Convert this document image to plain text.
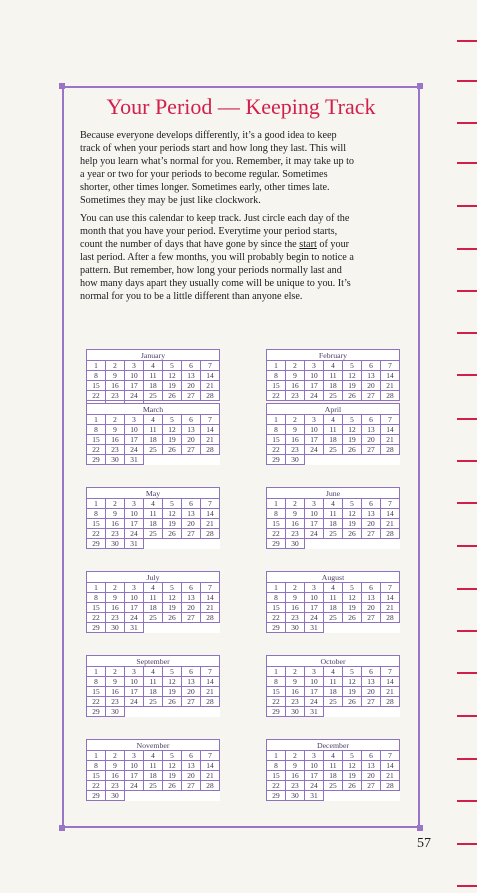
Your Period — Keeping Track

Because everyone develops differently, it’s a good idea to keep
track of when your periods start and how long they last. This will
help you learn what’s normal for you. Remember, it may take up to
a year or two for your periods to become regular. Sometimes
shorter, other times longer. Sometimes early, other times late.
Sometimes they may be just like clockwork.

You can use this calendar to keep track. Just circle each day of the
month that you have your period. Everytime your period starts,
count the number of days that have gone by since the start of your
last period. After a few months, you will probably begin to notice a
pattern. But remember, how long your periods normally last and
how many days apart they usually come will be unique to you. It’s
normal for you to be a little different than anyone else.

January
1	2	3	4	5	6	7
8	9	10	11	12	13	14
15	16	17	18	19	20	21
22	23	24	25	26	27	28

February
1	2	3	4	5	6	7
8	9	10	11	12	13	14
15	16	17	18	19	20	21
22	23	24	25	26	27	28
March
1	2	3	4	5	6	7
8	9	10	11	12	13	14
15	16	17	18	19	20	21
22	23	24	25	26	27	28
29	30	31				
April
1	2	3	4	5	6	7
8	9	10	11	12	13	14
15	16	17	18	19	20	21
22	23	24	25	26	27	28
29	30					
May
1	2	3	4	5	6	7
8	9	10	11	12	13	14
15	16	17	18	19	20	21
22	23	24	25	26	27	28
29	30	31				
June
1	2	3	4	5	6	7
8	9	10	11	12	13	14
15	16	17	18	19	20	21
22	23	24	25	26	27	28
29	30					
July
1	2	3	4	5	6	7
8	9	10	11	12	13	14
15	16	17	18	19	20	21
22	23	24	25	26	27	28
29	30	31				
August
1	2	3	4	5	6	7
8	9	10	11	12	13	14
15	16	17	18	19	20	21
22	23	24	25	26	27	28
29	30	31				
September
1	2	3	4	5	6	7
8	9	10	11	12	13	14
15	16	17	18	19	20	21
22	23	24	25	26	27	28
29	30					
October
1	2	3	4	5	6	7
8	9	10	11	12	13	14
15	16	17	18	19	20	21
22	23	24	25	26	27	28
29	30	31				
November
1	2	3	4	5	6	7
8	9	10	11	12	13	14
15	16	17	18	19	20	21
22	23	24	25	26	27	28
29	30					
December
1	2	3	4	5	6	7
8	9	10	11	12	13	14
15	16	17	18	19	20	21
22	23	24	25	26	27	28
29	30	31				
57
